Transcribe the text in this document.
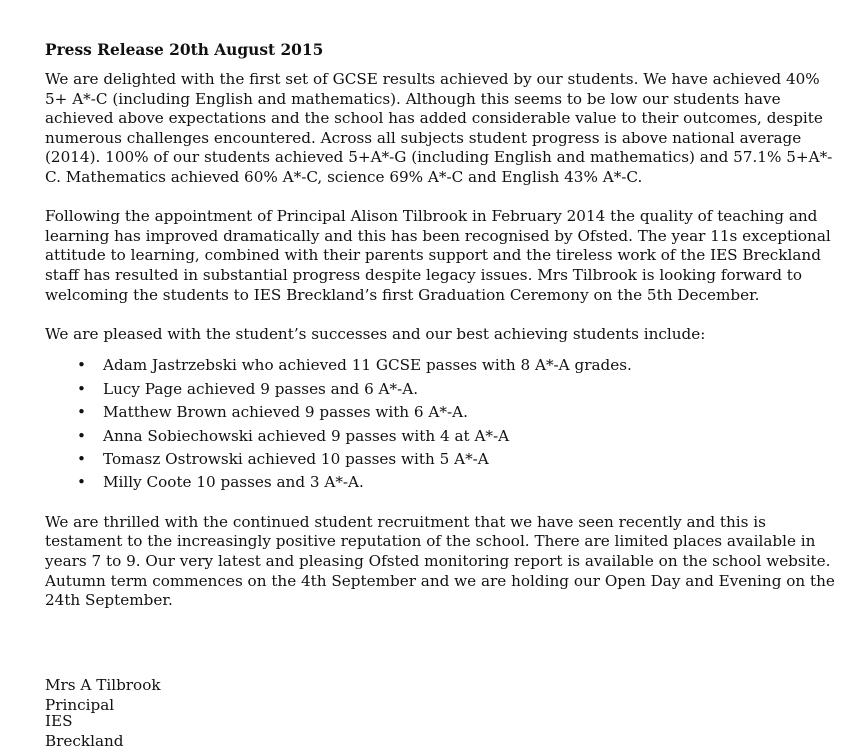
Press Release 20th August 2015

We are delighted with the first set of GCSE results achieved by our students. We have achieved 40% 5+ A*-C (including English and mathematics). Although this seems to be low our students have achieved above expectations and the school has added considerable value to their outcomes, despite numerous challenges encountered. Across all subjects student progress is above national average (2014). 100% of our students achieved 5+A*-G (including English and mathematics) and 57.1% 5+A*-C. Mathematics achieved 60% A*-C, science 69% A*-C and English 43% A*-C.

Following the appointment of Principal Alison Tilbrook in February 2014 the quality of teaching and learning has improved dramatically and this has been recognised by Ofsted. The year 11s exceptional attitude to learning, combined with their parents support and the tireless work of the IES Breckland staff has resulted in substantial progress despite legacy issues. Mrs Tilbrook is looking forward to welcoming the students to IES Breckland’s first Graduation Ceremony on the 5th December.

We are pleased with the student’s successes and our best achieving students include:

•	Adam Jastrzebski who achieved 11 GCSE passes with 8 A*-A grades.
•	Lucy Page achieved 9 passes and 6 A*-A.
•	Matthew Brown achieved 9 passes with 6 A*-A.
•	Anna Sobiechowski achieved 9 passes with 4 at A*-A
•	Tomasz Ostrowski achieved 10 passes with 5 A*-A
•	Milly Coote 10 passes and 3 A*-A.

We are thrilled with the continued student recruitment that we have seen recently and this is testament to the increasingly positive reputation of the school. There are limited places available in years 7 to 9. Our very latest and pleasing Ofsted monitoring report is available on the school website. Autumn term commences on the 4th September and we are holding our Open Day and Evening on the 24th September.

Mrs A Tilbrook
Principal
IES Breckland
